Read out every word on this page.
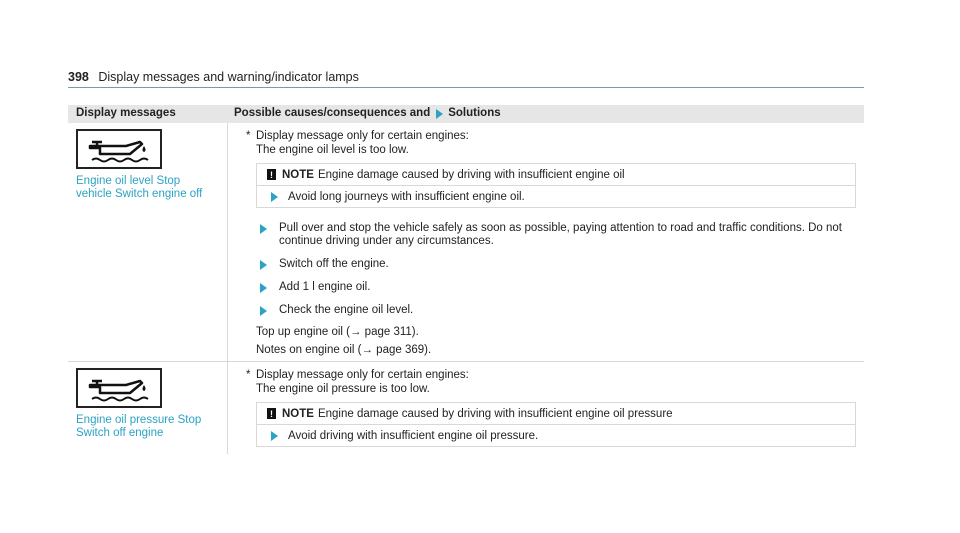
398 Display messages and warning/indicator lamps
Display messages	Possible causes/consequences and Solutions
Engine oil level Stop vehicle Switch engine off
* Display message only for certain engines:
The engine oil level is too low.
! NOTE Engine damage caused by driving with insufficient engine oil
Avoid long journeys with insufficient engine oil.
Pull over and stop the vehicle safely as soon as possible, paying attention to road and traffic conditions. Do not continue driving under any circumstances.
Switch off the engine.
Add 1 l engine oil.
Check the engine oil level.
Top up engine oil (→ page 311).
Notes on engine oil (→ page 369).
Engine oil pressure Stop Switch off engine
* Display message only for certain engines:
The engine oil pressure is too low.
! NOTE Engine damage caused by driving with insufficient engine oil pressure
Avoid driving with insufficient engine oil pressure.
